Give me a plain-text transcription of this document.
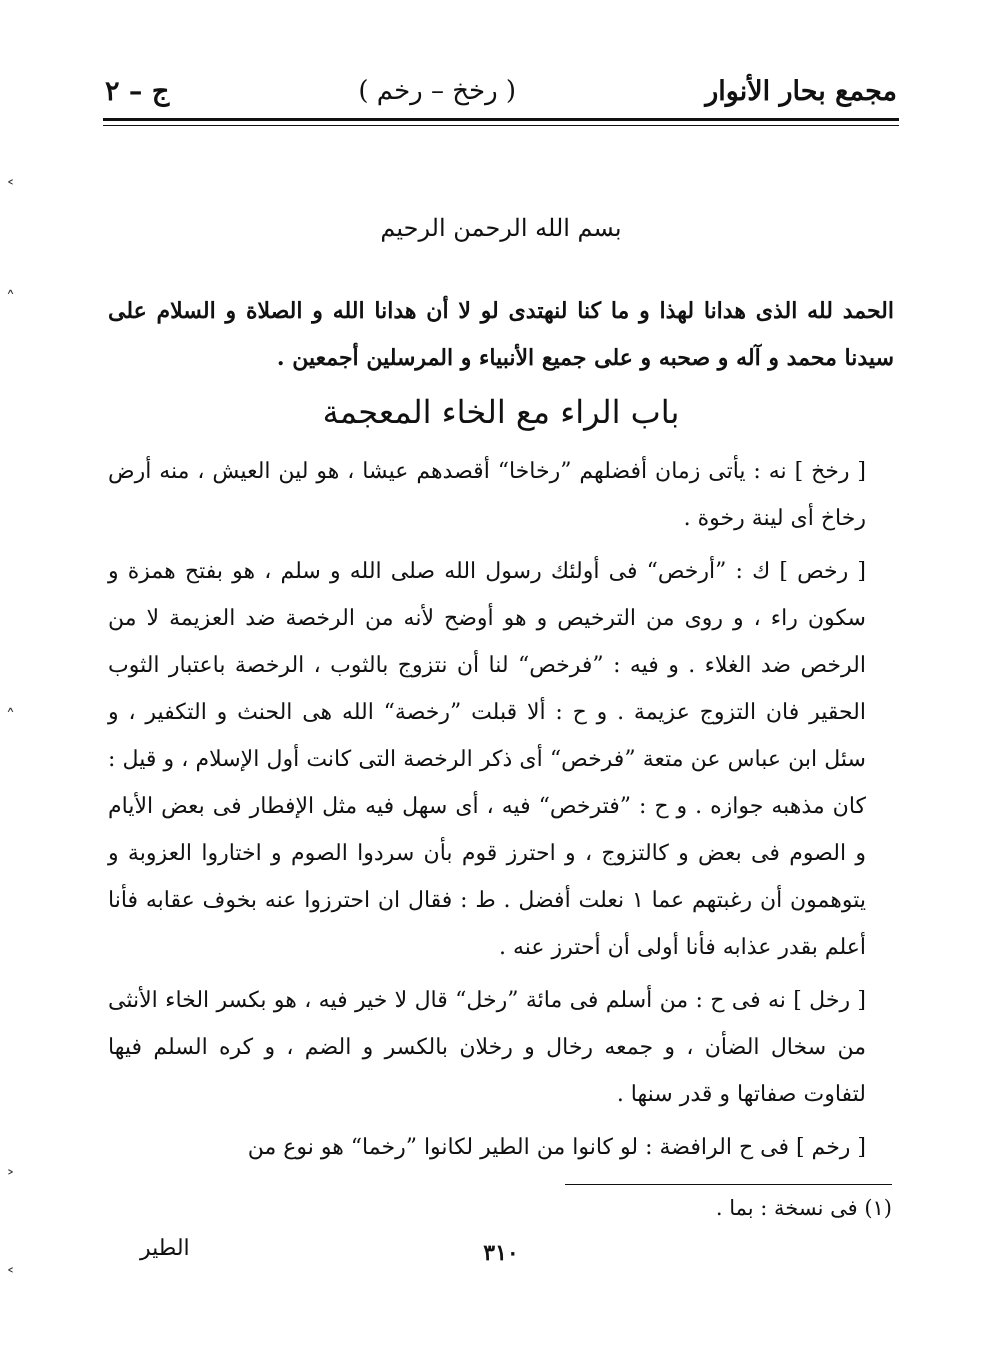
مجمع بحار الأنوار
( رخخ – رخم )
ج – ٢
بسم الله الرحمن الرحيم

الحمد لله الذى هدانا لهذا و ما كنا لنهتدى لو لا أن هدانا الله و الصلاة و السلام على سيدنا محمد و آله و صحبه و على جميع الأنبياء و المرسلين أجمعين .

باب الراء مع الخاء المعجمة

[ رخخ ] نه : يأتى زمان أفضلهم ”رخاخا“ أقصدهم عيشا ، هو لين العيش ، منه أرض رخاخ أى لينة رخوة .

[ رخص ] ك : ”أرخص“ فى أولئك رسول الله صلى الله و سلم ، هو بفتح همزة و سكون راء ، و روى من الترخيص و هو أوضح لأنه من الرخصة ضد العزيمة لا من الرخص ضد الغلاء . و فيه : ”فرخص“ لنا أن نتزوج بالثوب ، الرخصة باعتبار الثوب الحقير فان التزوج عزيمة . و ح : ألا قبلت ”رخصة“ الله هى الحنث و التكفير ، و سئل ابن عباس عن متعة ”فرخص“ أى ذكر الرخصة التى كانت أول الإسلام ، و قيل : كان مذهبه جوازه . و ح : ”فترخص“ فيه ، أى سهل فيه مثل الإفطار فى بعض الأيام و الصوم فى بعض و كالتزوج ، و احترز قوم بأن سردوا الصوم و اختاروا العزوبة و يتوهمون أن رغبتهم عما ١ نعلت أفضل . ط : فقال ان احترزوا عنه بخوف عقابه فأنا أعلم بقدر عذابه فأنا أولى أن أحترز عنه .

[ رخل ] نه فى ح : من أسلم فى مائة ”رخل“ قال لا خير فيه ، هو بكسر الخاء الأنثى من سخال الضأن ، و جمعه رخال و رخلان بالكسر و الضم ، و كره السلم فيها لتفاوت صفاتها و قدر سنها .

[ رخم ] فى ح الرافضة : لو كانوا من الطير لكانوا ”رخما“ هو نوع من

(١) فى نسخة : بما .
٣١٠
الطير
˂
˄
˄
˃
˂
